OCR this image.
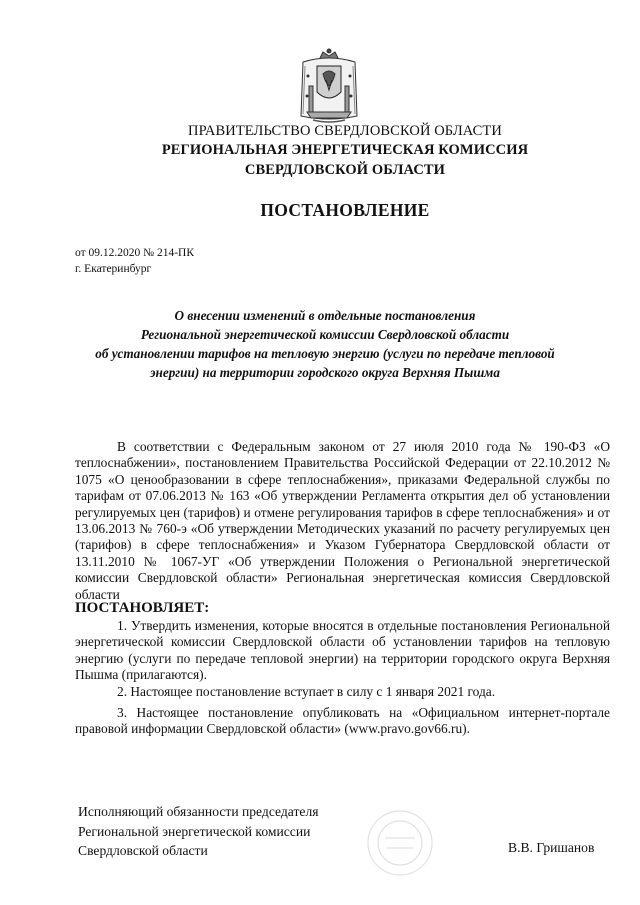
ПРАВИТЕЛЬСТВО СВЕРДЛОВСКОЙ ОБЛАСТИ
РЕГИОНАЛЬНАЯ ЭНЕРГЕТИЧЕСКАЯ КОМИССИЯ
СВЕРДЛОВСКОЙ ОБЛАСТИ
ПОСТАНОВЛЕНИЕ
от 09.12.2020 № 214-ПК
г. Екатеринбург
О внесении изменений в отдельные постановления
Региональной энергетической комиссии Свердловской области
об установлении тарифов на тепловую энергию (услуги по передаче тепловой
энергии) на территории городского округа Верхняя Пышма
В соответствии с Федеральным законом от 27 июля 2010 года № 190-ФЗ «О теплоснабжении», постановлением Правительства Российской Федерации от 22.10.2012 № 1075 «О ценообразовании в сфере теплоснабжения», приказами Федеральной службы по тарифам от 07.06.2013 № 163 «Об утверждении Регламента открытия дел об установлении регулируемых цен (тарифов) и отмене регулирования тарифов в сфере теплоснабжения» и от 13.06.2013 № 760-э «Об утверждении Методических указаний по расчету регулируемых цен (тарифов) в сфере теплоснабжения» и Указом Губернатора Свердловской области от 13.11.2010 № 1067-УГ «Об утверждении Положения о Региональной энергетической комиссии Свердловской области» Региональная энергетическая комиссия Свердловской области
ПОСТАНОВЛЯЕТ:
1. Утвердить изменения, которые вносятся в отдельные постановления Региональной энергетической комиссии Свердловской области об установлении тарифов на тепловую энергию (услуги по передаче тепловой энергии) на территории городского округа Верхняя Пышма (прилагаются).
2. Настоящее постановление вступает в силу с 1 января 2021 года.
3. Настоящее постановление опубликовать на «Официальном интернет-портале правовой информации Свердловской области» (www.pravo.gov66.ru).
Исполняющий обязанности председателя
Региональной энергетической комиссии
Свердловской области	В.В. Гришанов
